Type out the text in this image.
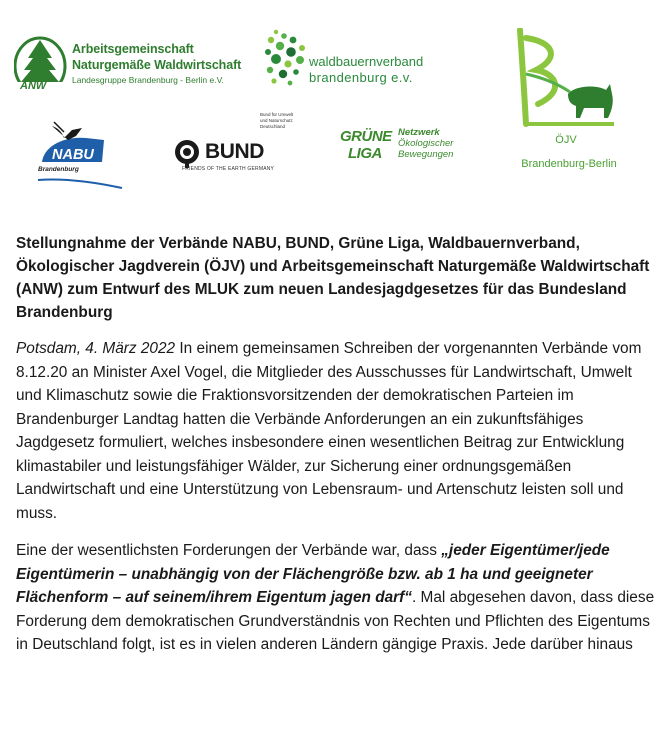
ANW
Arbeitsgemeinschaft
Naturgemäße Waldwirtschaft
Landesgruppe Brandenburg - Berlin e.V.
waldbauernverband
brandenburg e.v.
ÖJV
Brandenburg-Berlin
NABU
Brandenburg
BUND
FRIENDS OF THE EARTH GERMANY
Bund für Umwelt und Naturschutz Deutschland
GRÜNE
LIGA
Netzwerk
Ökologischer
Bewegungen
Stellungnahme der Verbände NABU, BUND, Grüne Liga, Waldbauernverband, Ökologischer Jagdverein (ÖJV) und Arbeitsgemeinschaft Naturgemäße Waldwirtschaft (ANW) zum Entwurf des MLUK zum neuen Landesjagdgesetzes für das Bundesland Brandenburg

Potsdam, 4. März 2022 In einem gemeinsamen Schreiben der vorgenannten Verbände vom 8.12.20 an Minister Axel Vogel, die Mitglieder des Ausschusses für Landwirtschaft, Umwelt und Klimaschutz sowie die Fraktionsvorsitzenden der demokratischen Parteien im Brandenburger Landtag hatten die Verbände Anforderungen an ein zukunftsfähiges Jagdgesetz formuliert, welches insbesondere einen wesentlichen Beitrag zur Entwicklung klimastabiler und leistungsfähiger Wälder, zur Sicherung einer ordnungsgemäßen Landwirtschaft und eine Unterstützung von Lebensraum- und Artenschutz leisten soll und muss.

Eine der wesentlichsten Forderungen der Verbände war, dass „jeder Eigentümer/jede Eigentümerin – unabhängig von der Flächengröße bzw. ab 1 ha und geeigneter Flächenform – auf seinem/ihrem Eigentum jagen darf“. Mal abgesehen davon, dass diese Forderung dem demokratischen Grundverständnis von Rechten und Pflichten des Eigentums in Deutschland folgt, ist es in vielen anderen Ländern gängige Praxis. Jede darüber hinaus
